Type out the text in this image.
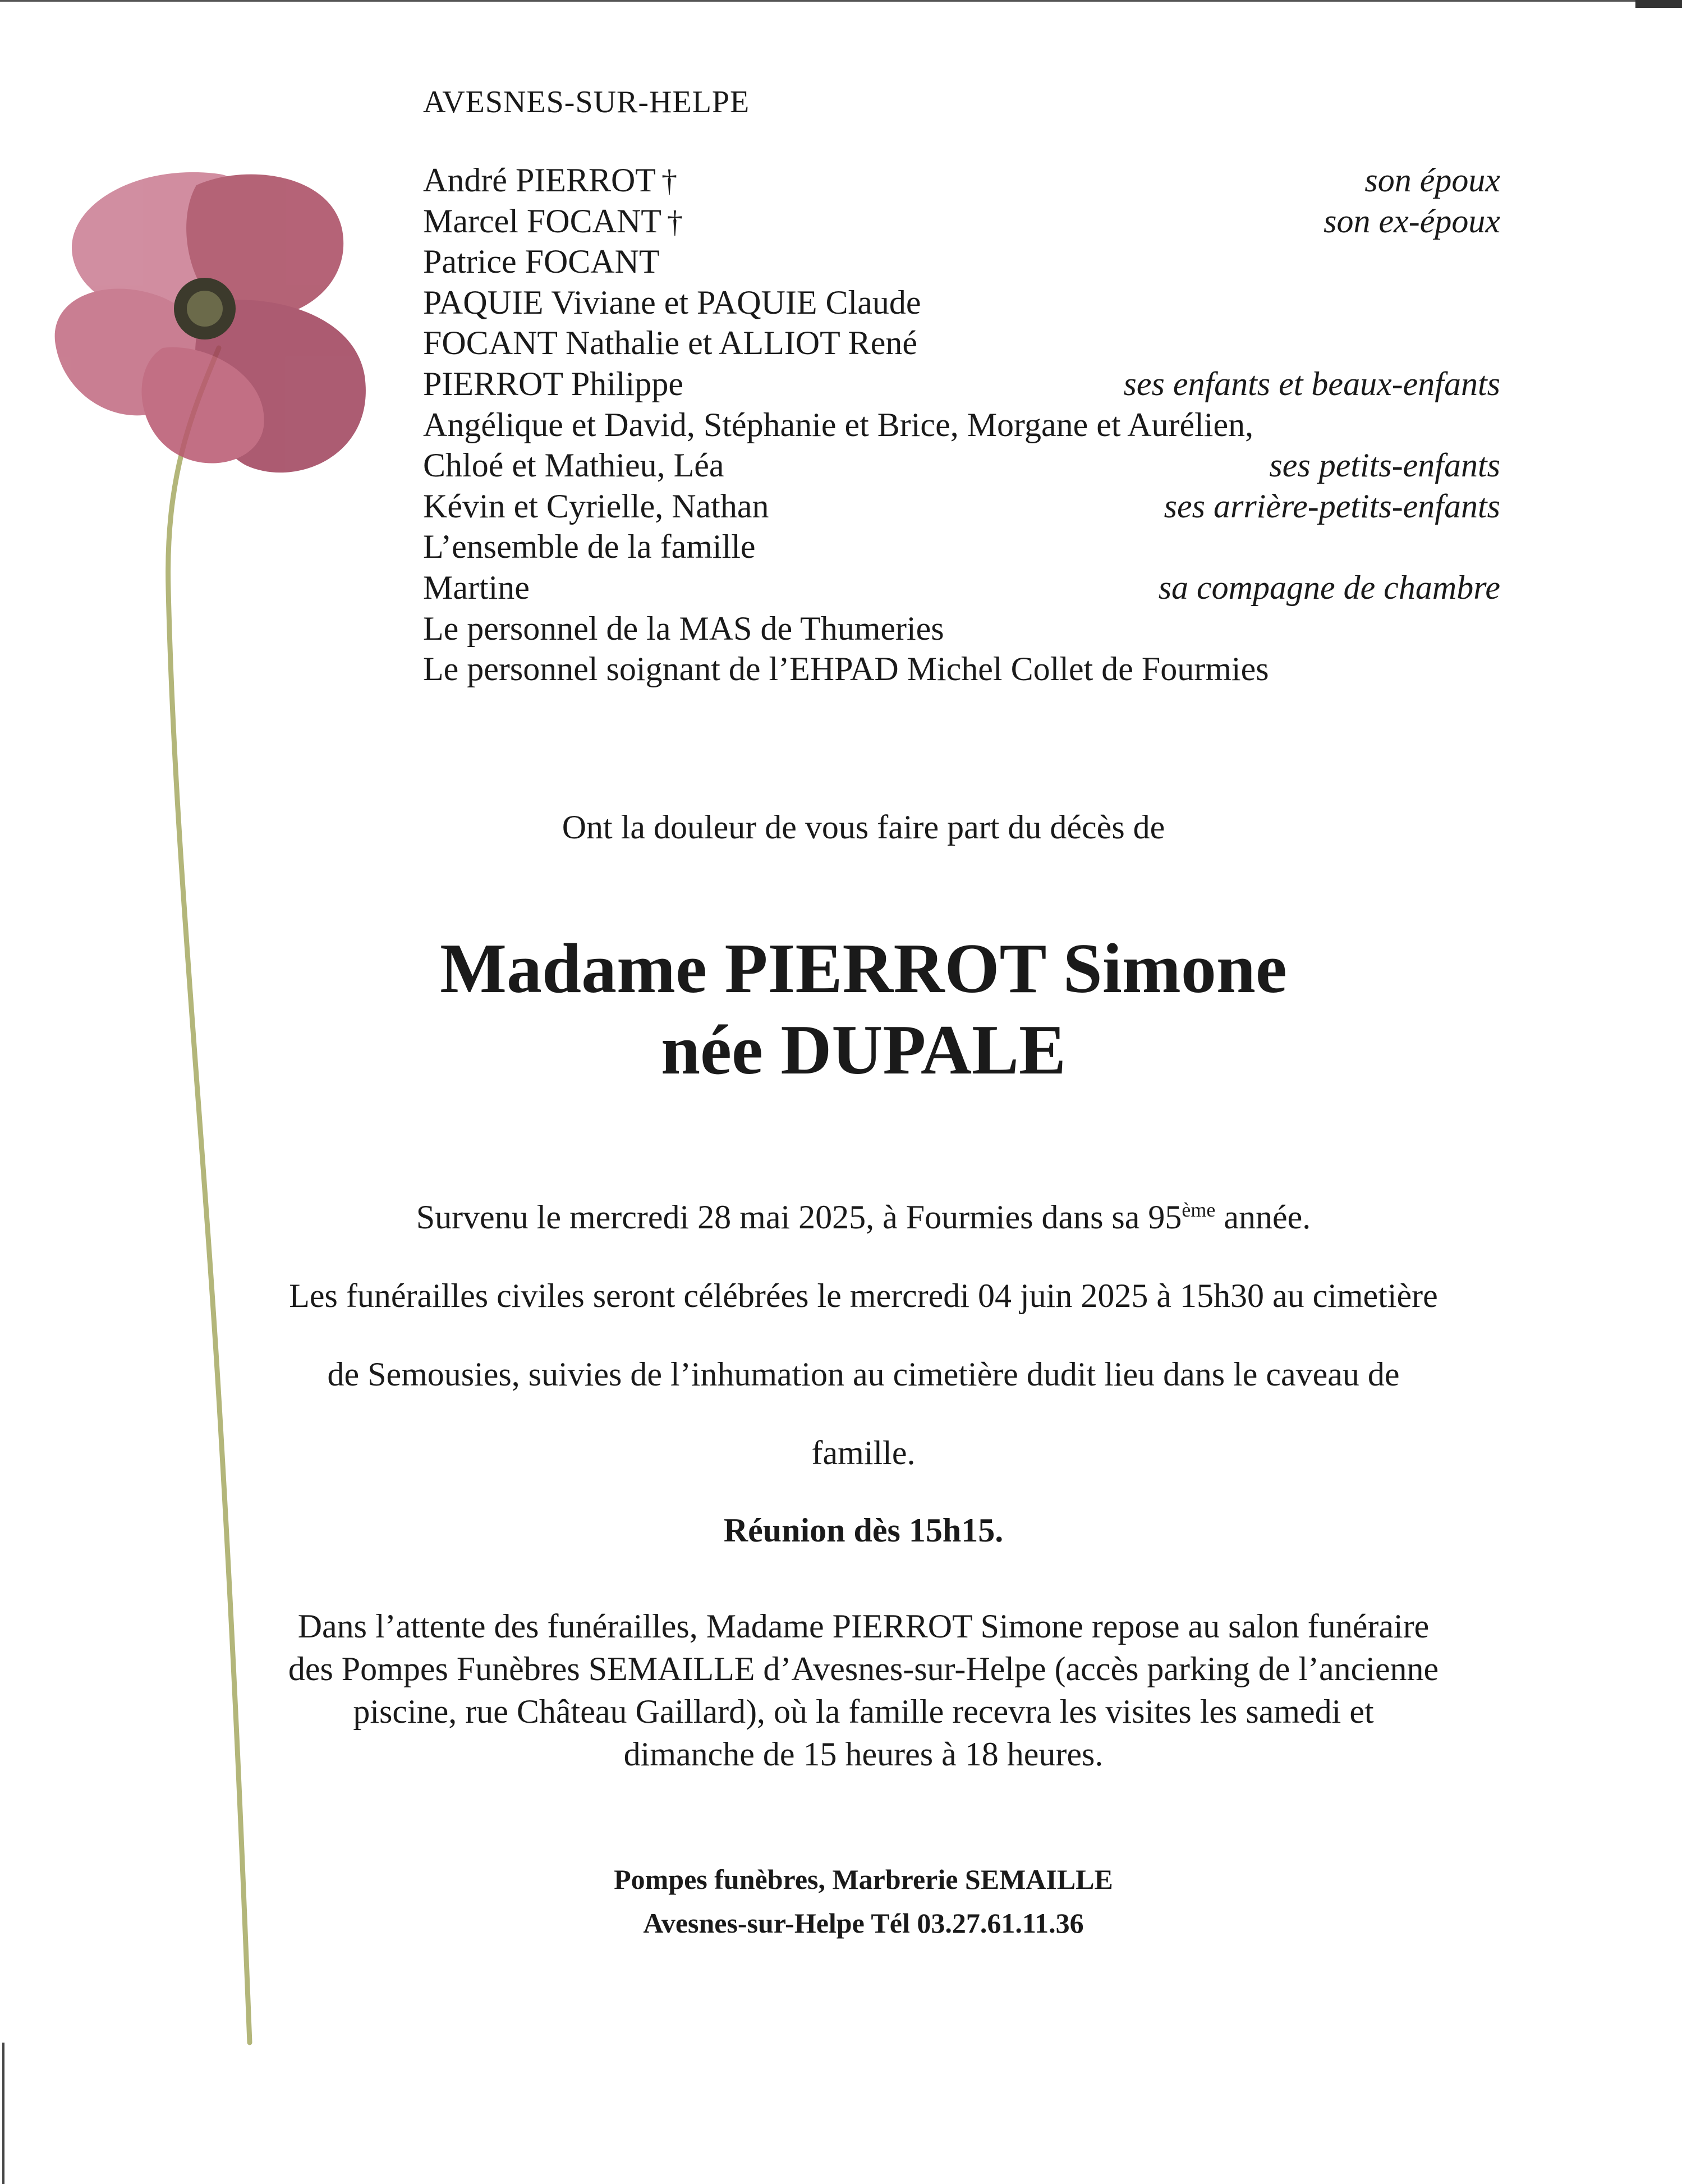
AVESNES-SUR-HELPE
André PIERROT †	son époux
Marcel FOCANT †	son ex-époux
Patrice FOCANT
PAQUIE Viviane et PAQUIE Claude
FOCANT Nathalie et ALLIOT René
PIERROT Philippe	ses enfants et beaux-enfants
Angélique et David, Stéphanie et Brice, Morgane et Aurélien,
Chloé et Mathieu, Léa	ses petits-enfants
Kévin et Cyrielle, Nathan	ses arrière-petits-enfants
L’ensemble de la famille
Martine	sa compagne de chambre
Le personnel de la MAS de Thumeries
Le personnel soignant de l’EHPAD Michel Collet de Fourmies
Ont la douleur de vous faire part du décès de
Madame PIERROT Simone
née DUPALE
Survenu le mercredi 28 mai 2025, à Fourmies dans sa 95ème année.
Les funérailles civiles seront célébrées le mercredi 04 juin 2025 à 15h30 au cimetière
de Semousies, suivies de l’inhumation au cimetière dudit lieu dans le caveau de
famille.
Réunion dès 15h15.
Dans l’attente des funérailles, Madame PIERROT Simone repose au salon funéraire
des Pompes Funèbres SEMAILLE d’Avesnes-sur-Helpe (accès parking de l’ancienne
piscine, rue Château Gaillard), où la famille recevra les visites les samedi et
dimanche de 15 heures à 18 heures.
Pompes funèbres, Marbrerie SEMAILLE
Avesnes-sur-Helpe Tél 03.27.61.11.36
